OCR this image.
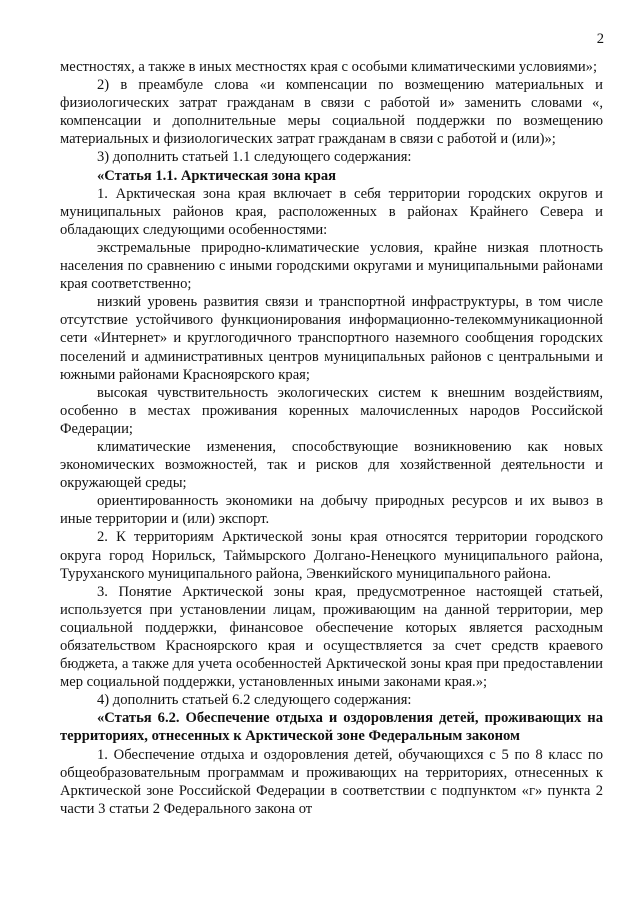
2

местностях, а также в иных местностях края с особыми климатическими условиями»;

2) в преамбуле слова «и компенсации по возмещению материальных и физиологических затрат гражданам в связи с работой и» заменить словами «, компенсации и дополнительные меры социальной поддержки по возмещению материальных и физиологических затрат гражданам в связи с работой и (или)»;

3) дополнить статьей 1.1 следующего содержания:

«Статья 1.1. Арктическая зона края

1. Арктическая зона края включает в себя территории городских округов и муниципальных районов края, расположенных в районах Крайнего Севера и обладающих следующими особенностями:

экстремальные природно-климатические условия, крайне низкая плотность населения по сравнению с иными городскими округами и муниципальными районами края соответственно;

низкий уровень развития связи и транспортной инфраструктуры, в том числе отсутствие устойчивого функционирования информационно-телекоммуникационной сети «Интернет» и круглогодичного транспортного наземного сообщения городских поселений и административных центров муниципальных районов с центральными и южными районами Красноярского края;

высокая чувствительность экологических систем к внешним воздействиям, особенно в местах проживания коренных малочисленных народов Российской Федерации;

климатические изменения, способствующие возникновению как новых экономических возможностей, так и рисков для хозяйственной деятельности и окружающей среды;

ориентированность экономики на добычу природных ресурсов и их вывоз в иные территории и (или) экспорт.

2. К территориям Арктической зоны края относятся территории городского округа город Норильск, Таймырского Долгано-Ненецкого муниципального района, Туруханского муниципального района, Эвенкийского муниципального района.

3. Понятие Арктической зоны края, предусмотренное настоящей статьей, используется при установлении лицам, проживающим на данной территории, мер социальной поддержки, финансовое обеспечение которых является расходным обязательством Красноярского края и осуществляется за счет средств краевого бюджета, а также для учета особенностей Арктической зоны края при предоставлении мер социальной поддержки, установленных иными законами края.»;

4) дополнить статьей 6.2 следующего содержания:

«Статья 6.2. Обеспечение отдыха и оздоровления детей, проживающих на территориях, отнесенных к Арктической зоне Федеральным законом

1. Обеспечение отдыха и оздоровления детей, обучающихся с 5 по 8 класс по общеобразовательным программам и проживающих на территориях, отнесенных к Арктической зоне Российской Федерации в соответствии с подпунктом «г» пункта 2 части 3 статьи 2 Федерального закона от
